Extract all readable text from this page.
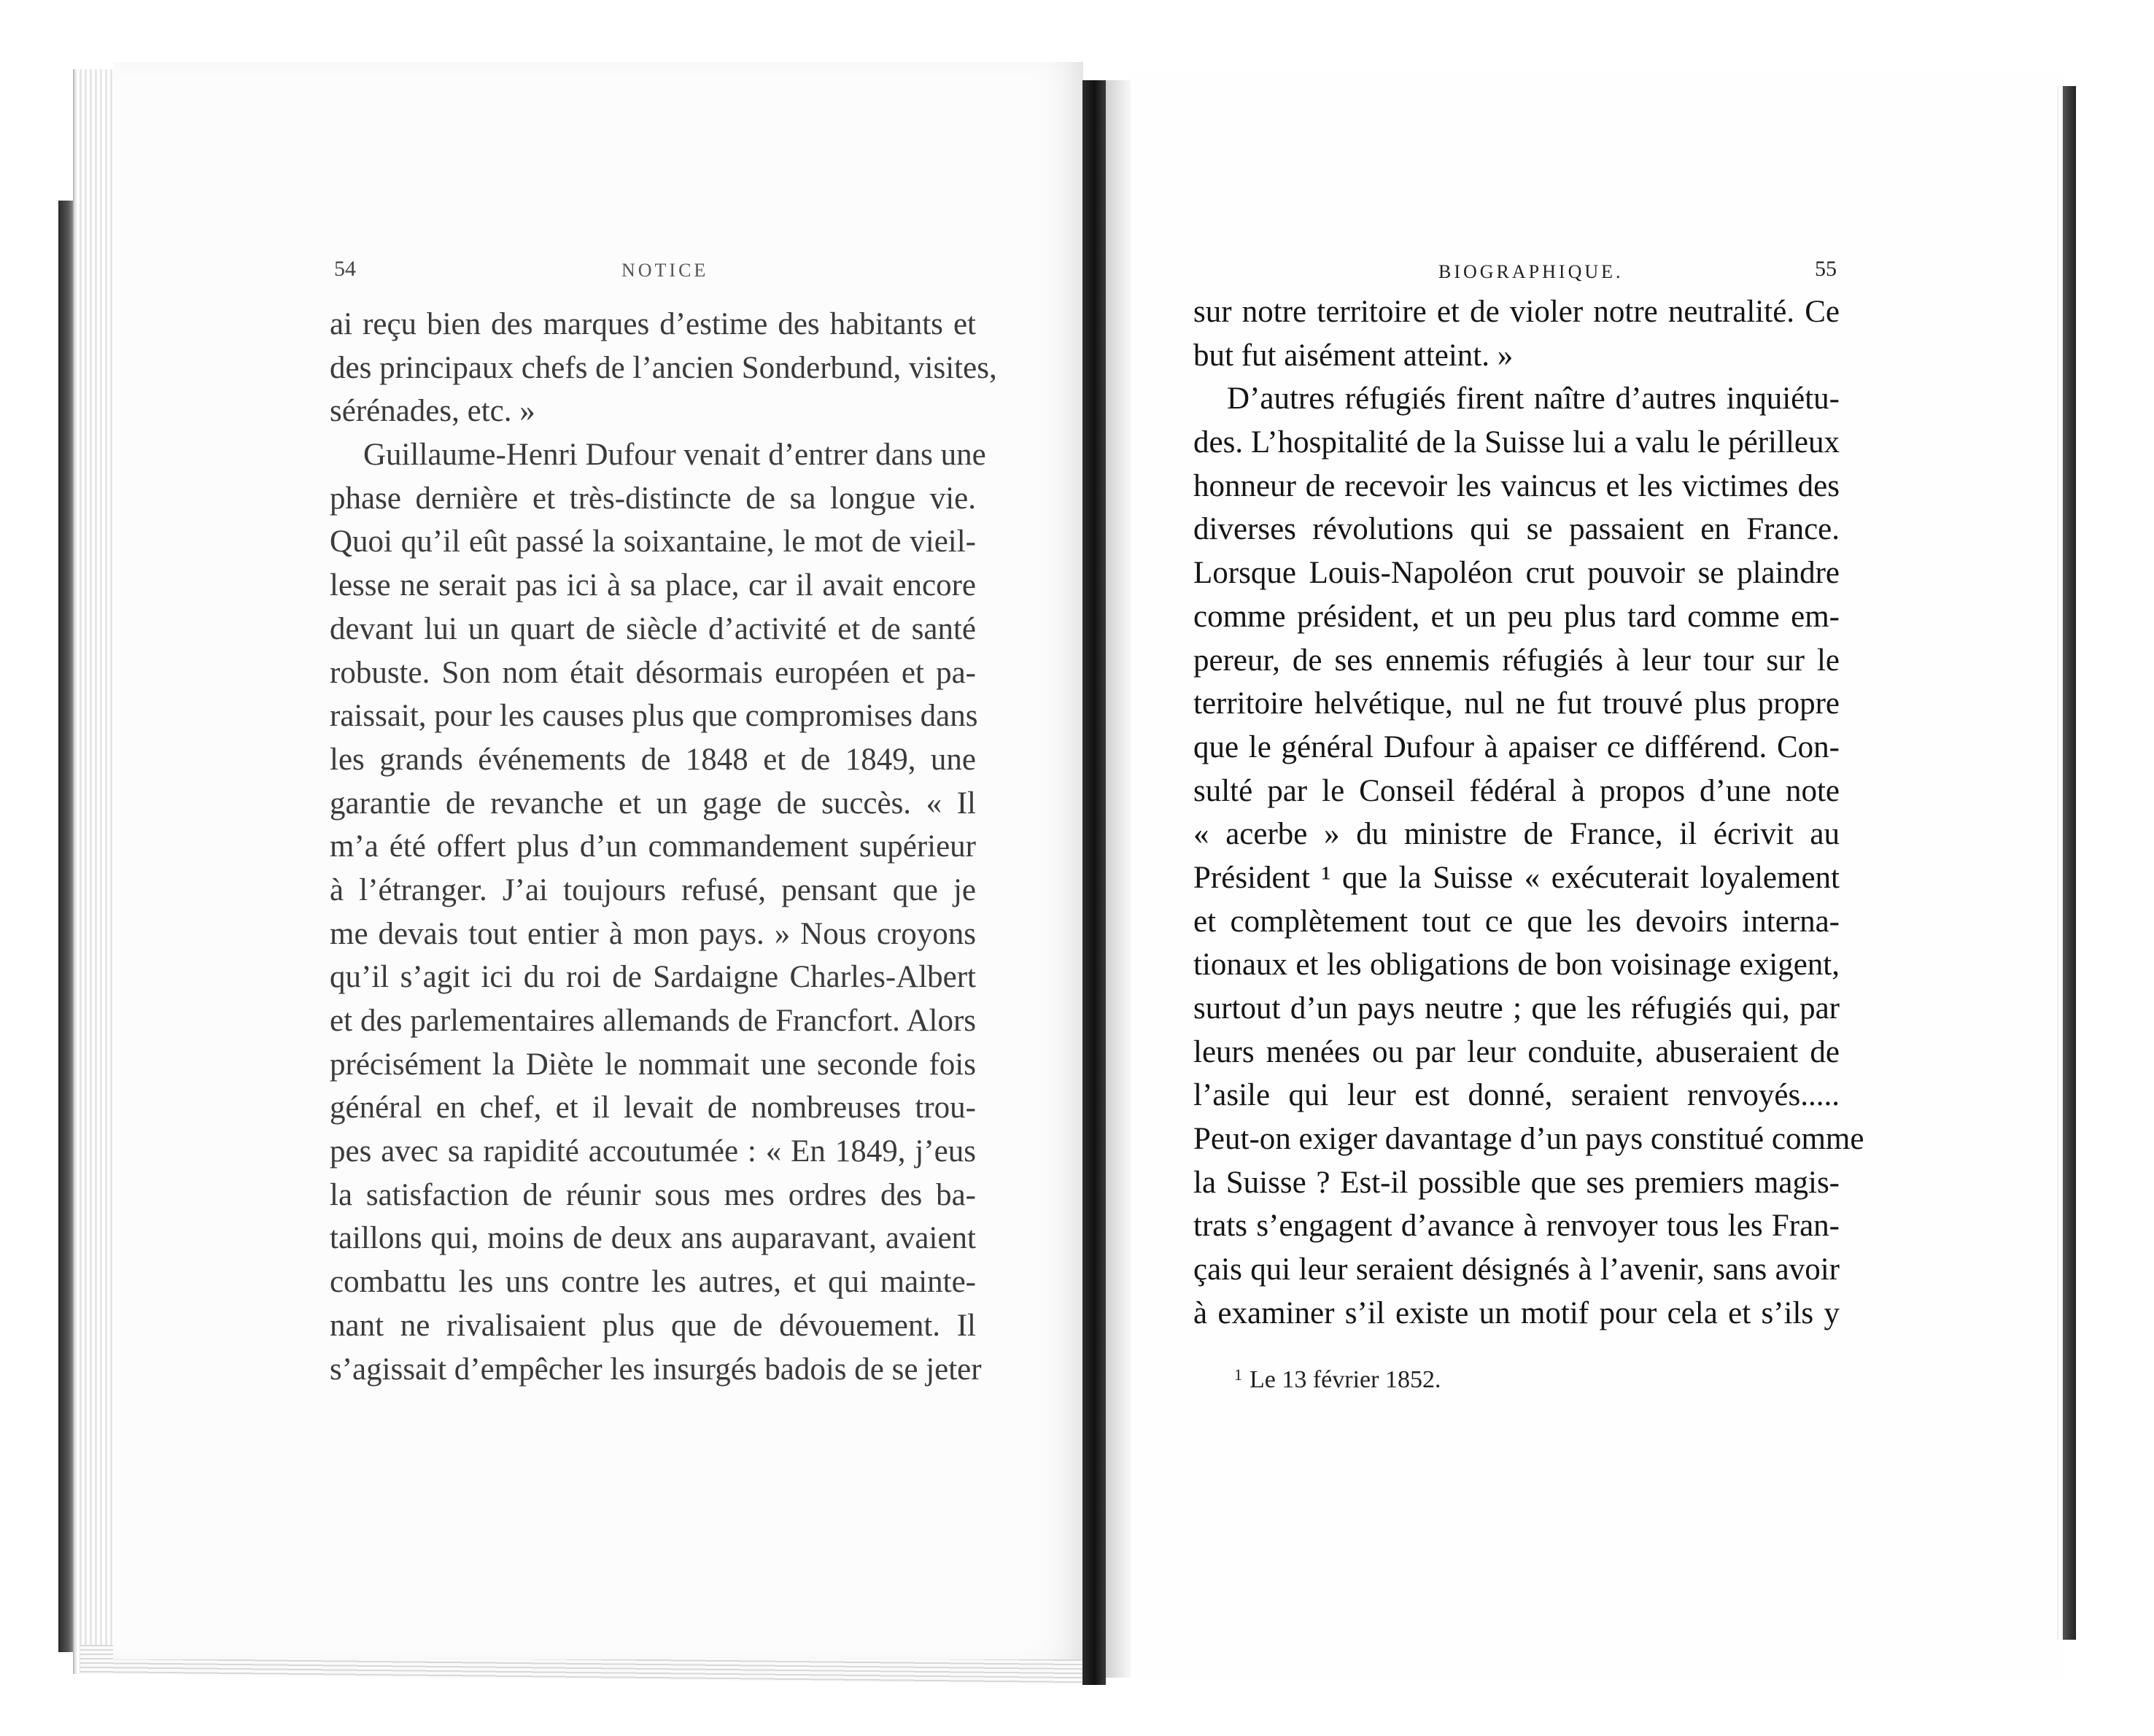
54	NOTICE
ai reçu bien des marques d’estime des habitants et
des principaux chefs de l’ancien Sonderbund, visites,
sérénades, etc. »
Guillaume-Henri Dufour venait d’entrer dans une
phase dernière et très-distincte de sa longue vie.
Quoi qu’il eût passé la soixantaine, le mot de vieil-
lesse ne serait pas ici à sa place, car il avait encore
devant lui un quart de siècle d’activité et de santé
robuste. Son nom était désormais européen et pa-
raissait, pour les causes plus que compromises dans
les grands événements de 1848 et de 1849, une
garantie de revanche et un gage de succès. « Il
m’a été offert plus d’un commandement supérieur
à l’étranger. J’ai toujours refusé, pensant que je
me devais tout entier à mon pays. » Nous croyons
qu’il s’agit ici du roi de Sardaigne Charles-Albert
et des parlementaires allemands de Francfort. Alors
précisément la Diète le nommait une seconde fois
général en chef, et il levait de nombreuses trou-
pes avec sa rapidité accoutumée : « En 1849, j’eus
la satisfaction de réunir sous mes ordres des ba-
taillons qui, moins de deux ans auparavant, avaient
combattu les uns contre les autres, et qui mainte-
nant ne rivalisaient plus que de dévouement. Il
s’agissait d’empêcher les insurgés badois de se jeter
BIOGRAPHIQUE.	55
sur notre territoire et de violer notre neutralité. Ce
but fut aisément atteint. »
D’autres réfugiés firent naître d’autres inquiétu-
des. L’hospitalité de la Suisse lui a valu le périlleux
honneur de recevoir les vaincus et les victimes des
diverses révolutions qui se passaient en France.
Lorsque Louis-Napoléon crut pouvoir se plaindre
comme président, et un peu plus tard comme em-
pereur, de ses ennemis réfugiés à leur tour sur le
territoire helvétique, nul ne fut trouvé plus propre
que le général Dufour à apaiser ce différend. Con-
sulté par le Conseil fédéral à propos d’une note
« acerbe » du ministre de France, il écrivit au
Président ¹ que la Suisse « exécuterait loyalement
et complètement tout ce que les devoirs interna-
tionaux et les obligations de bon voisinage exigent,
surtout d’un pays neutre ; que les réfugiés qui, par
leurs menées ou par leur conduite, abuseraient de
l’asile qui leur est donné, seraient renvoyés.....
Peut-on exiger davantage d’un pays constitué comme
la Suisse ? Est-il possible que ses premiers magis-
trats s’engagent d’avance à renvoyer tous les Fran-
çais qui leur seraient désignés à l’avenir, sans avoir
à examiner s’il existe un motif pour cela et s’ils y
$^1$ Le 13 février 1852.
